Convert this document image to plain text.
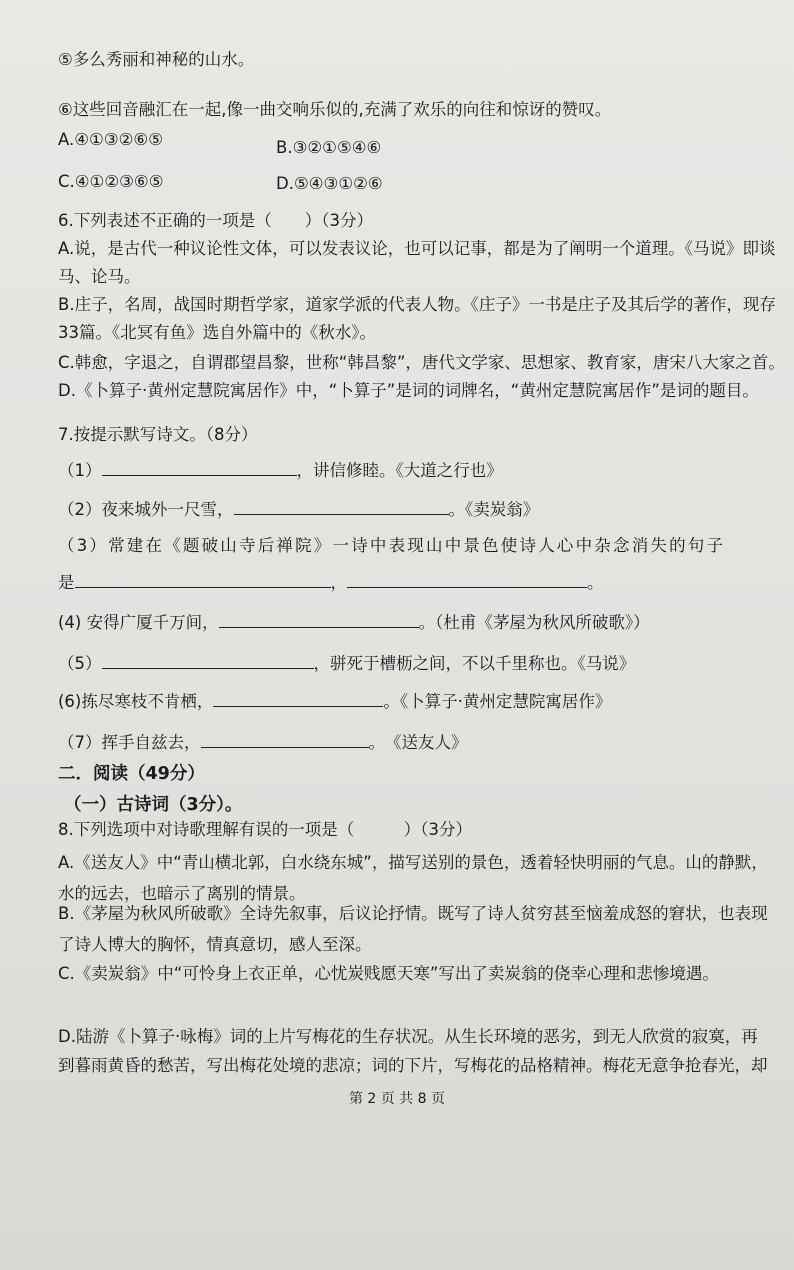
⑤多么秀丽和神秘的山水。
⑥这些回音融汇在一起,像一曲交响乐似的,充满了欢乐的向往和惊讶的赞叹。
A.④①③②⑥⑤	B.③②①⑤④⑥
C.④①②③⑥⑤	D.⑤④③①②⑥
6.下列表述不正确的一项是（　　）（3分）
A.说，是古代一种议论性文体，可以发表议论，也可以记事，都是为了阐明一个道理。《马说》即谈
马、论马。
B.庄子，名周，战国时期哲学家，道家学派的代表人物。《庄子》一书是庄子及其后学的著作，现存
33篇。《北冥有鱼》选自外篇中的《秋水》。
C.韩愈，字退之，自谓郡望昌黎，世称“韩昌黎”，唐代文学家、思想家、教育家，唐宋八大家之首。
D.《卜算子·黄州定慧院寓居作》中，“卜算子”是词的词牌名，“黄州定慧院寓居作”是词的题目。
7.按提示默写诗文。（8分）
（1）	，讲信修睦。《大道之行也》
（2）夜来城外一尺雪，	。《卖炭翁》
（3）常建在《题破山寺后禅院》一诗中表现山中景色使诗人心中杂念消失的句子
是	，	。
(4) 安得广厦千万间，	。（杜甫《茅屋为秋风所破歌》）
（5）	，骈死于槽枥之间，不以千里称也。《马说》
(6)拣尽寒枝不肯栖，	。《卜算子·黄州定慧院寓居作》
（7）挥手自兹去，	。　《送友人》
二．阅读（49分）
（一）古诗词（3分）。
8.下列选项中对诗歌理解有误的一项是（　　　）（3分）
A.《送友人》中“青山横北郭，白水绕东城”，描写送别的景色，透着轻快明丽的气息。山的静默，
水的远去，也暗示了离别的情景。
B.《茅屋为秋风所破歌》全诗先叙事，后议论抒情。既写了诗人贫穷甚至恼羞成怒的窘状，也表现
了诗人博大的胸怀，情真意切，感人至深。
C.《卖炭翁》中“可怜身上衣正单，心忧炭贱愿天寒”写出了卖炭翁的侥幸心理和悲惨境遇。
D.陆游《卜算子·咏梅》词的上片写梅花的生存状况。从生长环境的恶劣，到无人欣赏的寂寞，再
到暮雨黄昏的愁苦，写出梅花处境的悲凉；词的下片，写梅花的品格精神。梅花无意争抢春光，却
第 2 页 共 8 页
